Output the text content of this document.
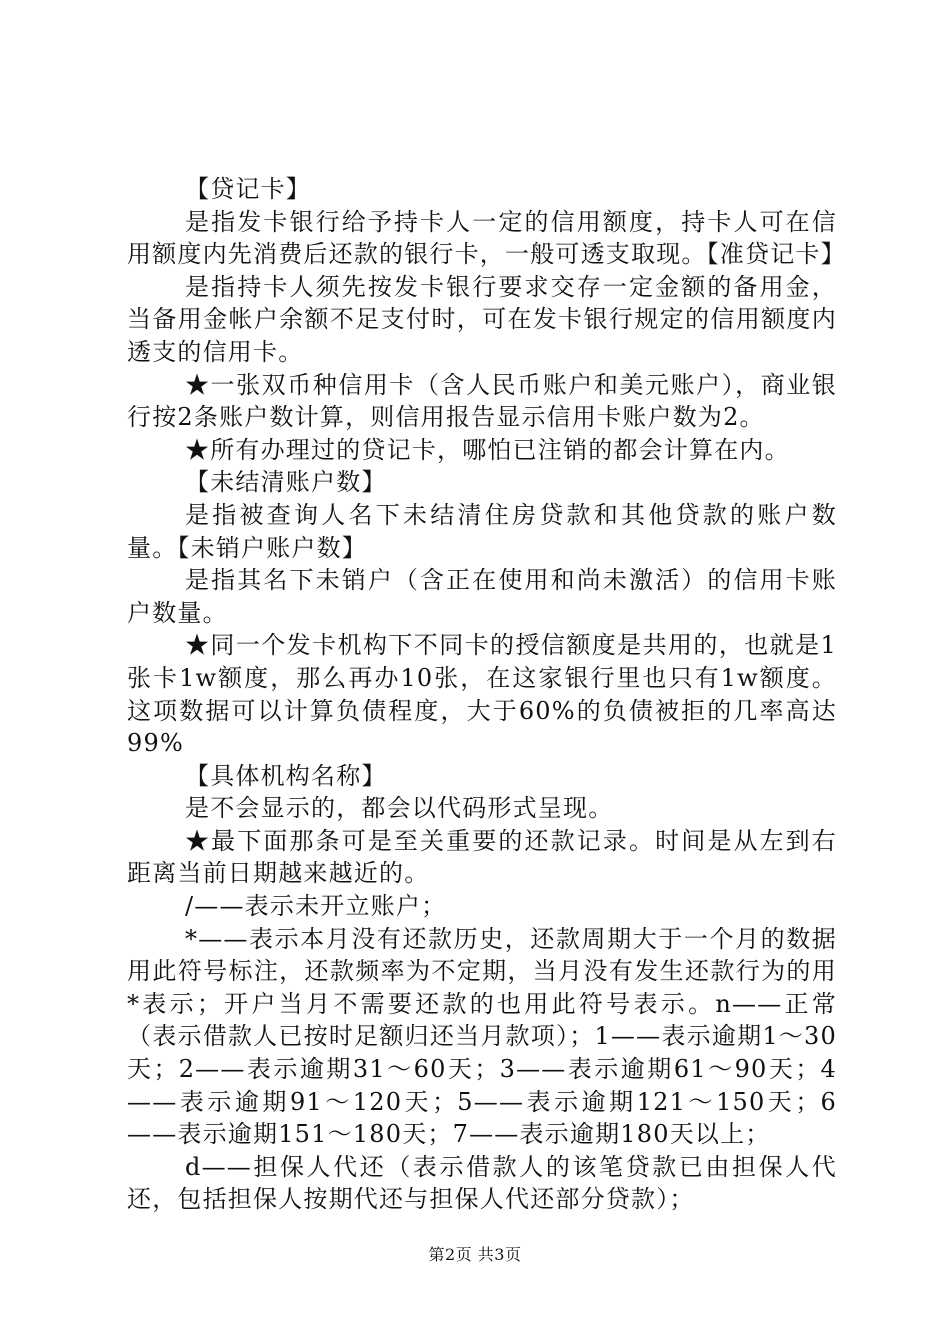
【贷记卡】

是指发卡银行给予持卡人一定的信用额度，持卡人可在信用额度内先消费后还款的银行卡，一般可透支取现。【准贷记卡】

是指持卡人须先按发卡银行要求交存一定金额的备用金，当备用金帐户余额不足支付时，可在发卡银行规定的信用额度内透支的信用卡。

★一张双币种信用卡（含人民币账户和美元账户），商业银行按2条账户数计算，则信用报告显示信用卡账户数为2。

★所有办理过的贷记卡，哪怕已注销的都会计算在内。

【未结清账户数】

是指被查询人名下未结清住房贷款和其他贷款的账户数量。【未销户账户数】

是指其名下未销户（含正在使用和尚未激活）的信用卡账户数量。

★同一个发卡机构下不同卡的授信额度是共用的，也就是1张卡1w额度，那么再办10张，在这家银行里也只有1w额度。这项数据可以计算负债程度，大于60%的负债被拒的几率高达99%

【具体机构名称】

是不会显示的，都会以代码形式呈现。

★最下面那条可是至关重要的还款记录。时间是从左到右距离当前日期越来越近的。

/——表示未开立账户；

*——表示本月没有还款历史，还款周期大于一个月的数据用此符号标注，还款频率为不定期，当月没有发生还款行为的用*表示；开户当月不需要还款的也用此符号表示。n——正常（表示借款人已按时足额归还当月款项）；1——表示逾期1～30天；2——表示逾期31～60天；3——表示逾期61～90天；4——表示逾期91～120天；5——表示逾期121～150天；6——表示逾期151～180天；7——表示逾期180天以上；

d——担保人代还（表示借款人的该笔贷款已由担保人代还，包括担保人按期代还与担保人代还部分贷款）；

第2页 共3页
